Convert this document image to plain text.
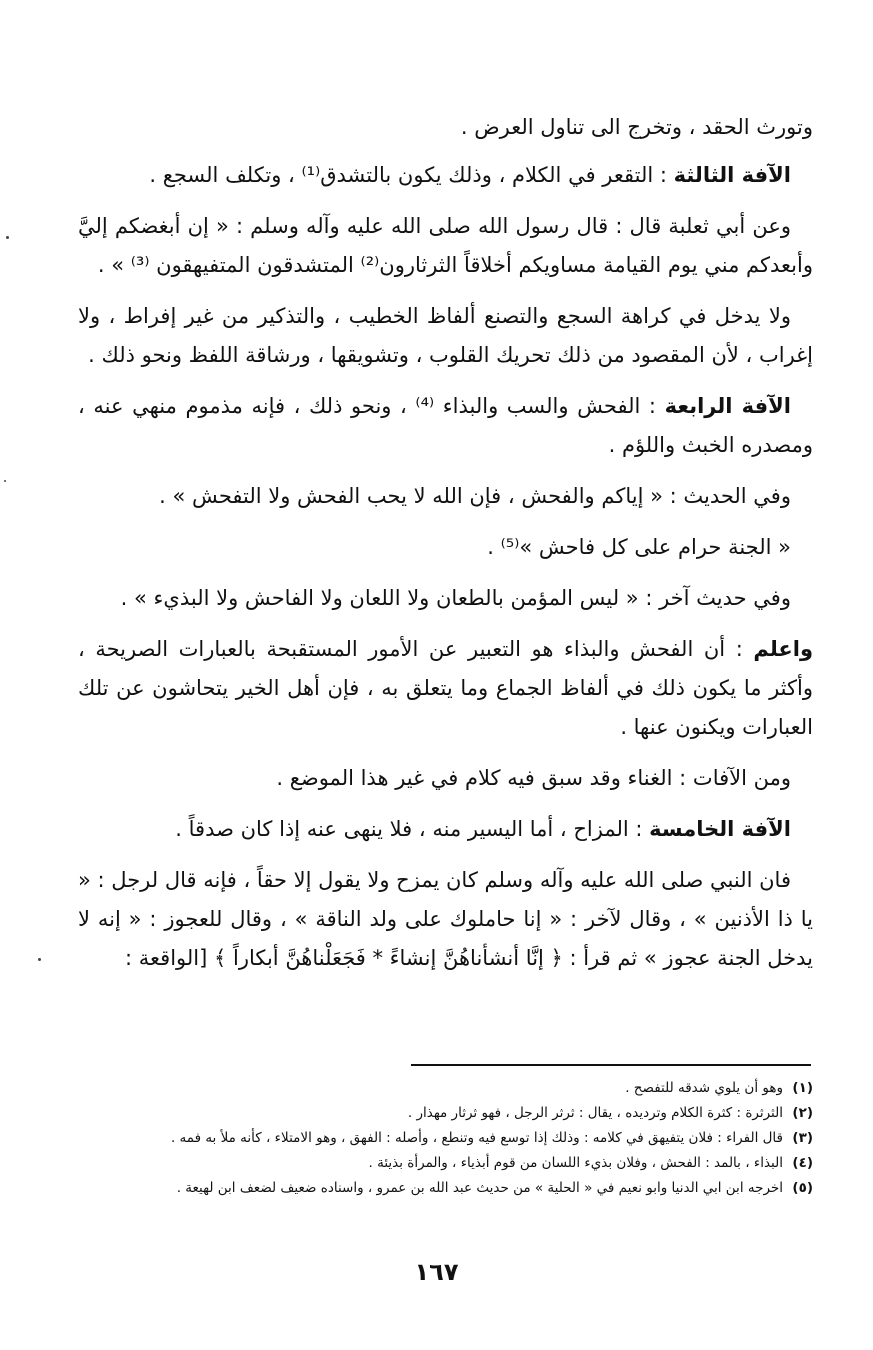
وتورث الحقد ، وتخرج الى تناول العرض .

الآفة الثالثة : التقعر في الكلام ، وذلك يكون بالتشدق⁽¹⁾ ، وتكلف السجع .

وعن أبي ثعلبة قال : قال رسول الله صلى الله عليه وآله وسلم : « إن أبغضكم إليَّ وأبعدكم مني يوم القيامة مساويكم أخلاقاً الثرثارون⁽²⁾ المتشدقون المتفيهقون ⁽³⁾ » .

ولا يدخل في كراهة السجع والتصنع ألفاظ الخطيب ، والتذكير من غير إفراط ، ولا إغراب ، لأن المقصود من ذلك تحريك القلوب ، وتشويقها ، ورشاقة اللفظ ونحو ذلك .

الآفة الرابعة : الفحش والسب والبذاء ⁽⁴⁾ ، ونحو ذلك ، فإنه مذموم منهي عنه ، ومصدره الخبث واللؤم .

وفي الحديث : « إياكم والفحش ، فإن الله لا يحب الفحش ولا التفحش » .

« الجنة حرام على كل فاحش »⁽⁵⁾ .

وفي حديث آخر : « ليس المؤمن بالطعان ولا اللعان ولا الفاحش ولا البذيء » .

واعلم : أن الفحش والبذاء هو التعبير عن الأمور المستقبحة بالعبارات الصريحة ، وأكثر ما يكون ذلك في ألفاظ الجماع وما يتعلق به ، فإن أهل الخير يتحاشون عن تلك العبارات ويكنون عنها .

ومن الآفات : الغناء وقد سبق فيه كلام في غير هذا الموضع .

الآفة الخامسة : المزاح ، أما اليسير منه ، فلا ينهى عنه إذا كان صدقاً .

فان النبي صلى الله عليه وآله وسلم كان يمزح ولا يقول إلا حقاً ، فإنه قال لرجل : « يا ذا الأذنين » ، وقال لآخر : « إنا حاملوك على ولد الناقة » ، وقال للعجوز : « إنه لا يدخل الجنة عجوز » ثم قرأ : ﴿ إنَّا أنشأناهُنَّ إنشاءً * فَجَعَلْناهُنَّ أبكاراً ﴾ [الواقعة :

(١)
وهو أن يلوي شدقه للتفصح .
(٢)
الثرثرة : كثرة الكلام وترديده ، يقال : ثرثر الرجل ، فهو ثرثار مهذار .
(٣)
قال الفراء : فلان يتفيهق في كلامه : وذلك إذا توسع فيه وتنطع ، وأصله : الفهق ، وهو الامتلاء ، كأنه ملأ به فمه .
(٤)
البذاء ، بالمد : الفحش ، وفلان بذيء اللسان من قوم أبذياء ، والمرأة بذيئة .
(٥)
اخرجه ابن ابي الدنيا وابو نعيم في « الحلية » من حديث عبد الله بن عمرو ، واسناده ضعيف لضعف ابن لهيعة .
١٦٧
